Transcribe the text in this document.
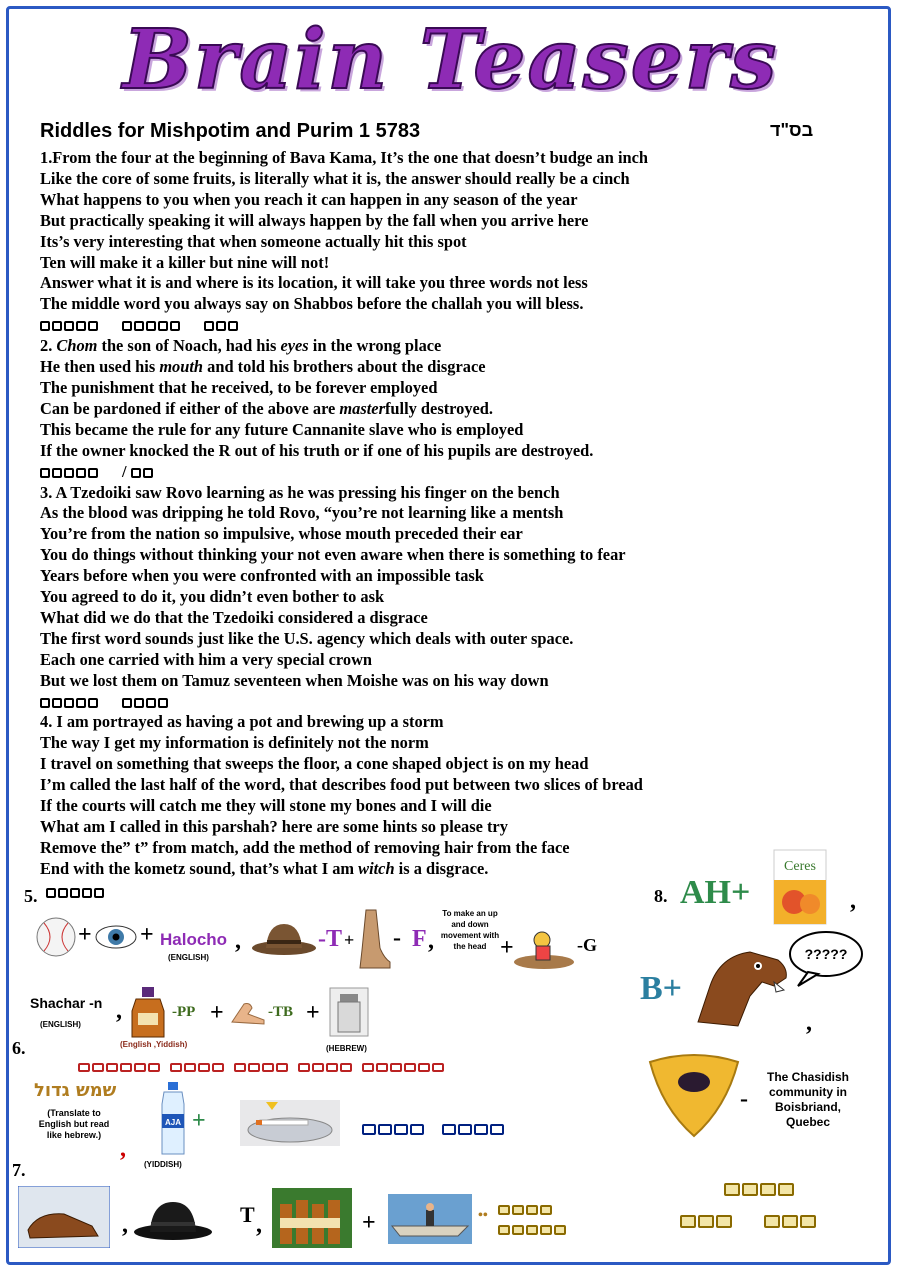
Brain Teasers
Riddles for Mishpotim and Purim 1 5783	בס"ד
1.From the four at the beginning of Bava Kama, It’s the one that doesn’t budge an inch
Like the core of some fruits, is literally what it is, the answer should really be a cinch
What happens to you when you reach it can happen in any season of the year
But practically speaking it will always happen by the fall when you arrive here
Its’s very interesting that when someone actually hit this spot
Ten will make it a killer but nine will not!
Answer what it is and where is its location, it will take you three words not less
The middle word you always say on Shabbos before the challah you will bless.
2. Chom the son of Noach, had his eyes in the wrong place
He then used his mouth and told his brothers about the disgrace
The punishment that he received, to be forever employed
Can be pardoned if either of the above are masterfully destroyed.
This became the rule for any future Cannanite slave who is employed
If the owner knocked the R out of his truth or if one of his pupils are destroyed.
/
3. A Tzedoiki saw Rovo learning as he was pressing his finger on the bench
As the blood was dripping he told Rovo, “you’re not learning like a mentsh
You’re from the nation so impulsive, whose mouth preceded their ear
You do things without thinking your not even aware when there is something to fear
Years before when you were confronted with an impossible task
You agreed to do it, you didn’t even bother to ask
What did we do that the Tzedoiki considered a disgrace
The first word sounds just like the U.S. agency which deals with outer space.
Each one carried with him a very special crown
But we lost them on Tamuz seventeen when Moishe was on his way down
4. I am portrayed as having a pot and brewing up a storm
The way I get my information is definitely not the norm
I travel on something that sweeps the floor, a cone shaped object is on my head
I’m called the last half of the word, that describes food put between two slices of bread
If the courts will catch me they will stone my bones and I will die
What am I called in this parshah? here are some hints so please try
Remove the” t” from match, add the method of removing hair from the face
End with the kometz sound, that’s what I am witch is a disgrace.
5.
+ + Halocho
(ENGLISH)
,	-T + - F ,
To make an up and down movement with the head +	-G
Shachar -n
(ENGLISH)
,	-PP +	-TB +
(English ,Yiddish)	(HEBREW)
6.
שמש גדול
(Translate to English but read like hebrew.)
,
AJA
(YIDDISH)
+
7.
,	T ,	+	••

8. AH+
Ceres
,
B+
?????
,
-
The Chasidish community in Boisbriand, Quebec
